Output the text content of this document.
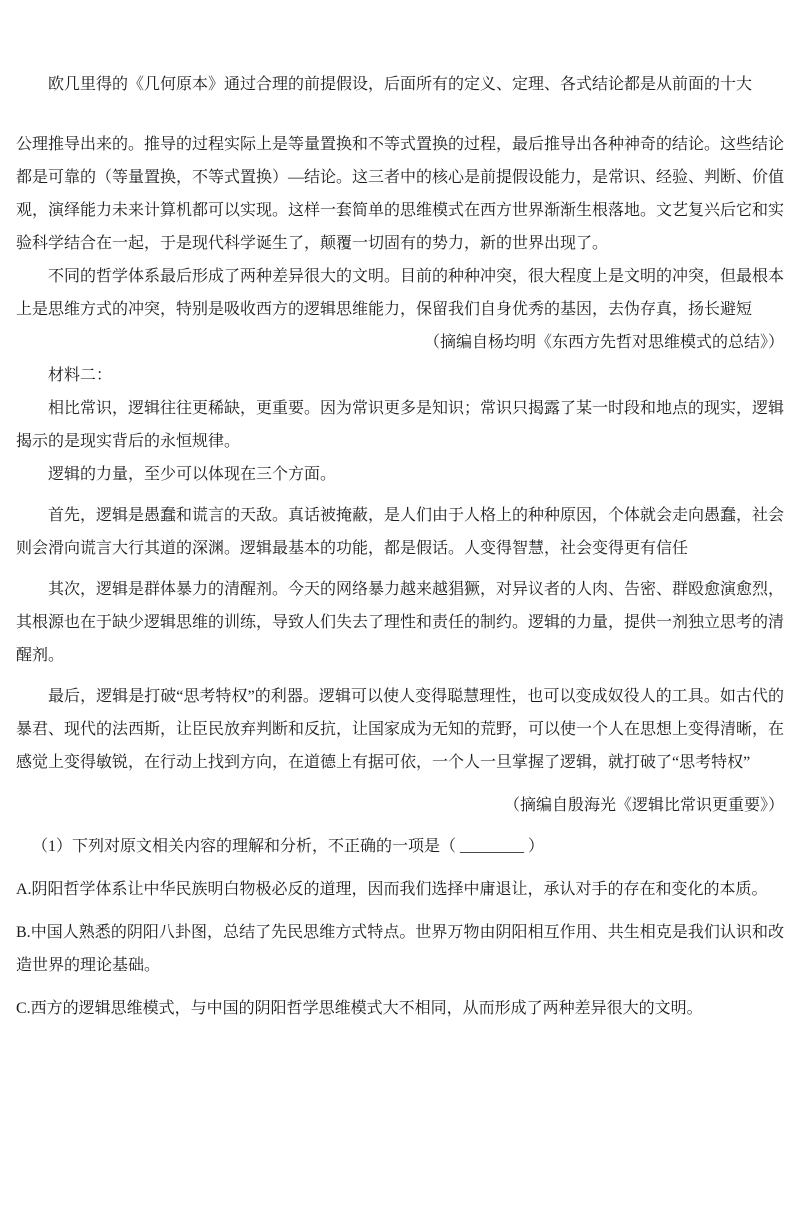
欧几里得的《几何原本》通过合理的前提假设，后面所有的定义、定理、各式结论都是从前面的十大

公理推导出来的。推导的过程实际上是等量置换和不等式置换的过程，最后推导出各种神奇的结论。这些结论都是可靠的（等量置换，不等式置换）—结论。这三者中的核心是前提假设能力，是常识、经验、判断、价值观，演绎能力未来计算机都可以实现。这样一套简单的思维模式在西方世界渐渐生根落地。文艺复兴后它和实验科学结合在一起，于是现代科学诞生了，颠覆一切固有的势力，新的世界出现了。

不同的哲学体系最后形成了两种差异很大的文明。目前的种种冲突，很大程度上是文明的冲突，但最根本上是思维方式的冲突，特别是吸收西方的逻辑思维能力，保留我们自身优秀的基因，去伪存真，扬长避短

（摘编自杨均明《东西方先哲对思维模式的总结》）

材料二：

相比常识，逻辑往往更稀缺，更重要。因为常识更多是知识；常识只揭露了某一时段和地点的现实，逻辑揭示的是现实背后的永恒规律。

逻辑的力量，至少可以体现在三个方面。

首先，逻辑是愚蠢和谎言的天敌。真话被掩蔽，是人们由于人格上的种种原因，个体就会走向愚蠢，社会则会滑向谎言大行其道的深渊。逻辑最基本的功能，都是假话。人变得智慧，社会变得更有信任

其次，逻辑是群体暴力的清醒剂。今天的网络暴力越来越猖獗，对异议者的人肉、告密、群殴愈演愈烈，其根源也在于缺少逻辑思维的训练，导致人们失去了理性和责任的制约。逻辑的力量，提供一剂独立思考的清醒剂。

最后，逻辑是打破“思考特权”的利器。逻辑可以使人变得聪慧理性，也可以变成奴役人的工具。如古代的暴君、现代的法西斯，让臣民放弃判断和反抗，让国家成为无知的荒野，可以使一个人在思想上变得清晰，在感觉上变得敏锐，在行动上找到方向，在道德上有据可依，一个人一旦掌握了逻辑，就打破了“思考特权”

（摘编自殷海光《逻辑比常识更重要》）

（1）下列对原文相关内容的理解和分析，不正确的一项是（ ________ ）

A.阴阳哲学体系让中华民族明白物极必反的道理，因而我们选择中庸退让，承认对手的存在和变化的本质。

B.中国人熟悉的阴阳八卦图，总结了先民思维方式特点。世界万物由阴阳相互作用、共生相克是我们认识和改造世界的理论基础。

C.西方的逻辑思维模式，与中国的阴阳哲学思维模式大不相同，从而形成了两种差异很大的文明。
